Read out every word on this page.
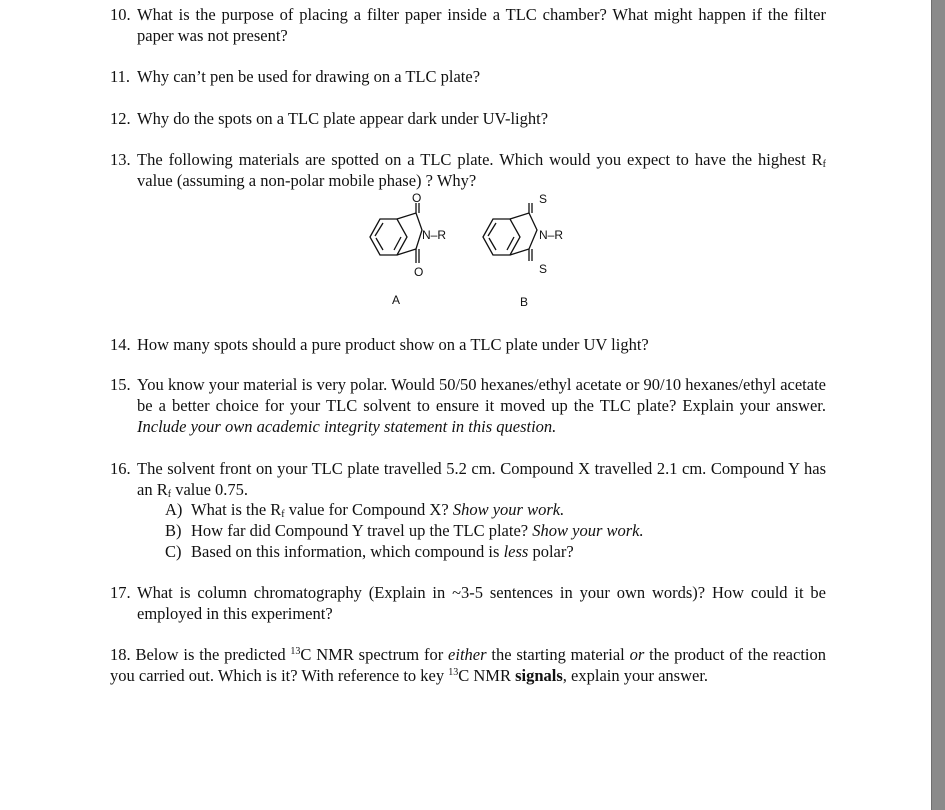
10. What is the purpose of placing a filter paper inside a TLC chamber? What might happen if the filter paper was not present?
11. Why can’t pen be used for drawing on a TLC plate?
12. Why do the spots on a TLC plate appear dark under UV-light?
13. The following materials are spotted on a TLC plate. Which would you expect to have the highest $R_f$ value (assuming a non-polar mobile phase) ? Why?
O
O
N–R
A
S
S
N–R
B
14. How many spots should a pure product show on a TLC plate under UV light?
15. You know your material is very polar. Would 50/50 hexanes/ethyl acetate or 90/10 hexanes/ethyl acetate be a better choice for your TLC solvent to ensure it moved up the TLC plate? Explain your answer. Include your own academic integrity statement in this question.
16. The solvent front on your TLC plate travelled 5.2 cm. Compound X travelled 2.1 cm. Compound Y has an $R_f$ value 0.75.
A) What is the $R_f$ value for Compound X? Show your work.
B) How far did Compound Y travel up the TLC plate? Show your work.
C) Based on this information, which compound is less polar?
17. What is column chromatography (Explain in ~3-5 sentences in your own words)? How could it be employed in this experiment?
18. Below is the predicted $^{13}$C NMR spectrum for either the starting material or the product of the reaction you carried out. Which is it? With reference to key $^{13}$C NMR signals, explain your answer.
